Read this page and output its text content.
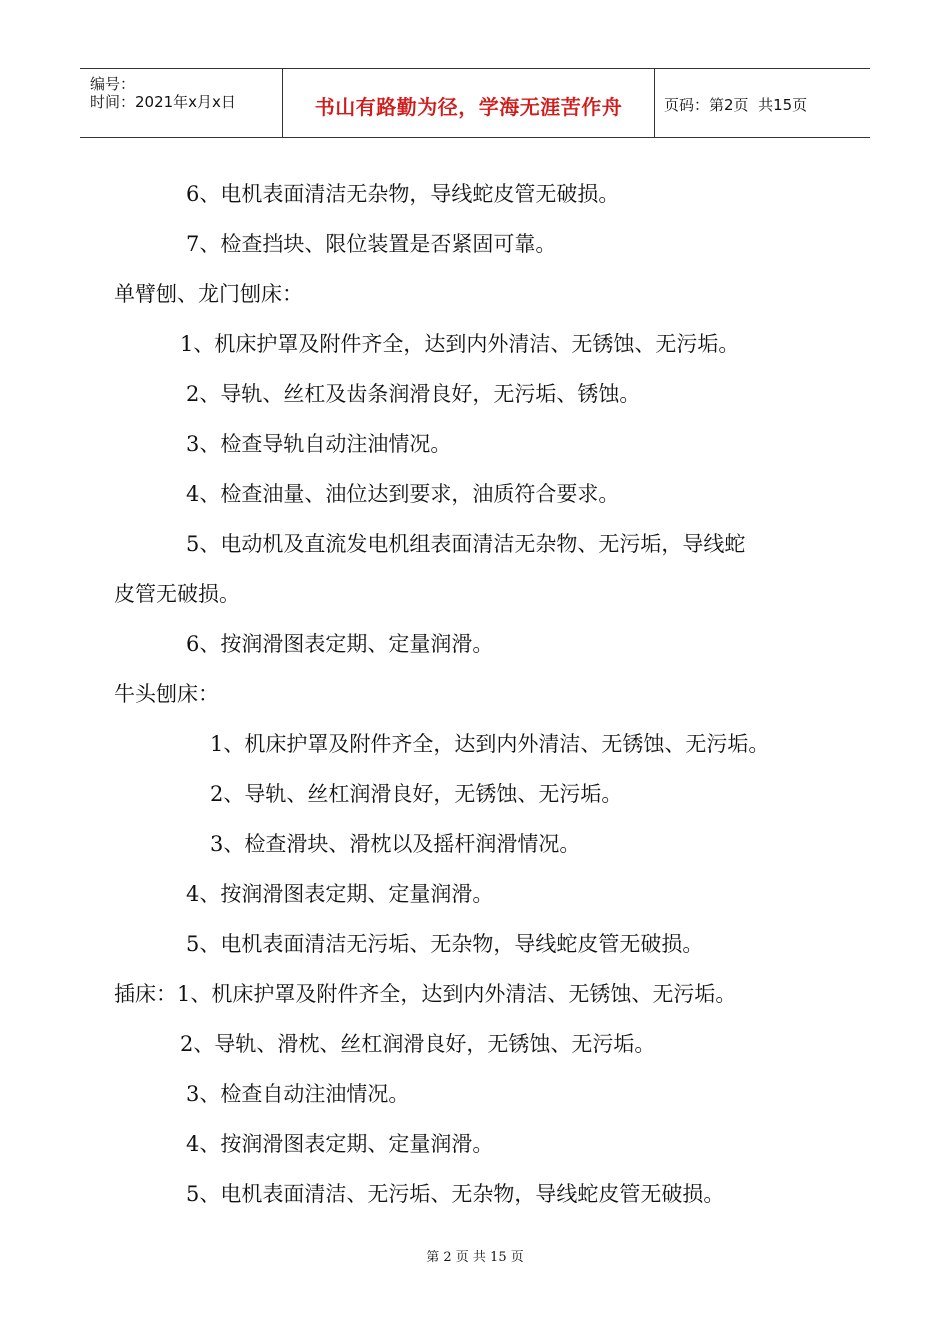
编号：
时间：2021年x月x日	书山有路勤为径，学海无涯苦作舟	页码：第2页  共15页
6、电机表面清洁无杂物，导线蛇皮管无破损。
7、检查挡块、限位装置是否紧固可靠。
单臂刨、龙门刨床：
1、机床护罩及附件齐全，达到内外清洁、无锈蚀、无污垢。
2、导轨、丝杠及齿条润滑良好，无污垢、锈蚀。
3、检查导轨自动注油情况。
4、检查油量、油位达到要求，油质符合要求。
5、电动机及直流发电机组表面清洁无杂物、无污垢，导线蛇
皮管无破损。
6、按润滑图表定期、定量润滑。
牛头刨床：
1、机床护罩及附件齐全，达到内外清洁、无锈蚀、无污垢。
2、导轨、丝杠润滑良好，无锈蚀、无污垢。
3、检查滑块、滑枕以及摇杆润滑情况。
4、按润滑图表定期、定量润滑。
5、电机表面清洁无污垢、无杂物，导线蛇皮管无破损。
插床：1、机床护罩及附件齐全，达到内外清洁、无锈蚀、无污垢。
2、导轨、滑枕、丝杠润滑良好，无锈蚀、无污垢。
3、检查自动注油情况。
4、按润滑图表定期、定量润滑。
5、电机表面清洁、无污垢、无杂物，导线蛇皮管无破损。
第 2 页 共 15 页
